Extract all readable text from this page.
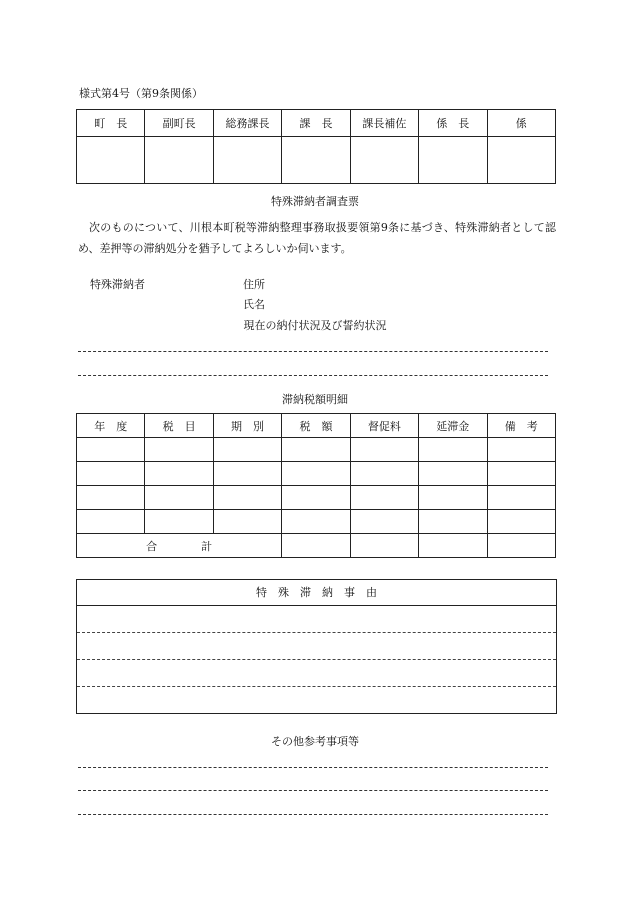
様式第4号（第9条関係）
町　長	副町長	総務課長	課　長	課長補佐	係　長	係

特殊滞納者調査票
次のものについて、川根本町税等滞納整理事務取扱要領第9条に基づき、特殊滞納者として認め、差押等の滞納処分を猶予してよろしいか伺います。
特殊滞納者	住所
氏名
現在の納付状況及び誓約状況
滞納税額明細
年　度	税　目	期　別	税　額	督促料	延滞金	備　考

合　　　　計						
特　殊　滞　納　事　由
その他参考事項等
